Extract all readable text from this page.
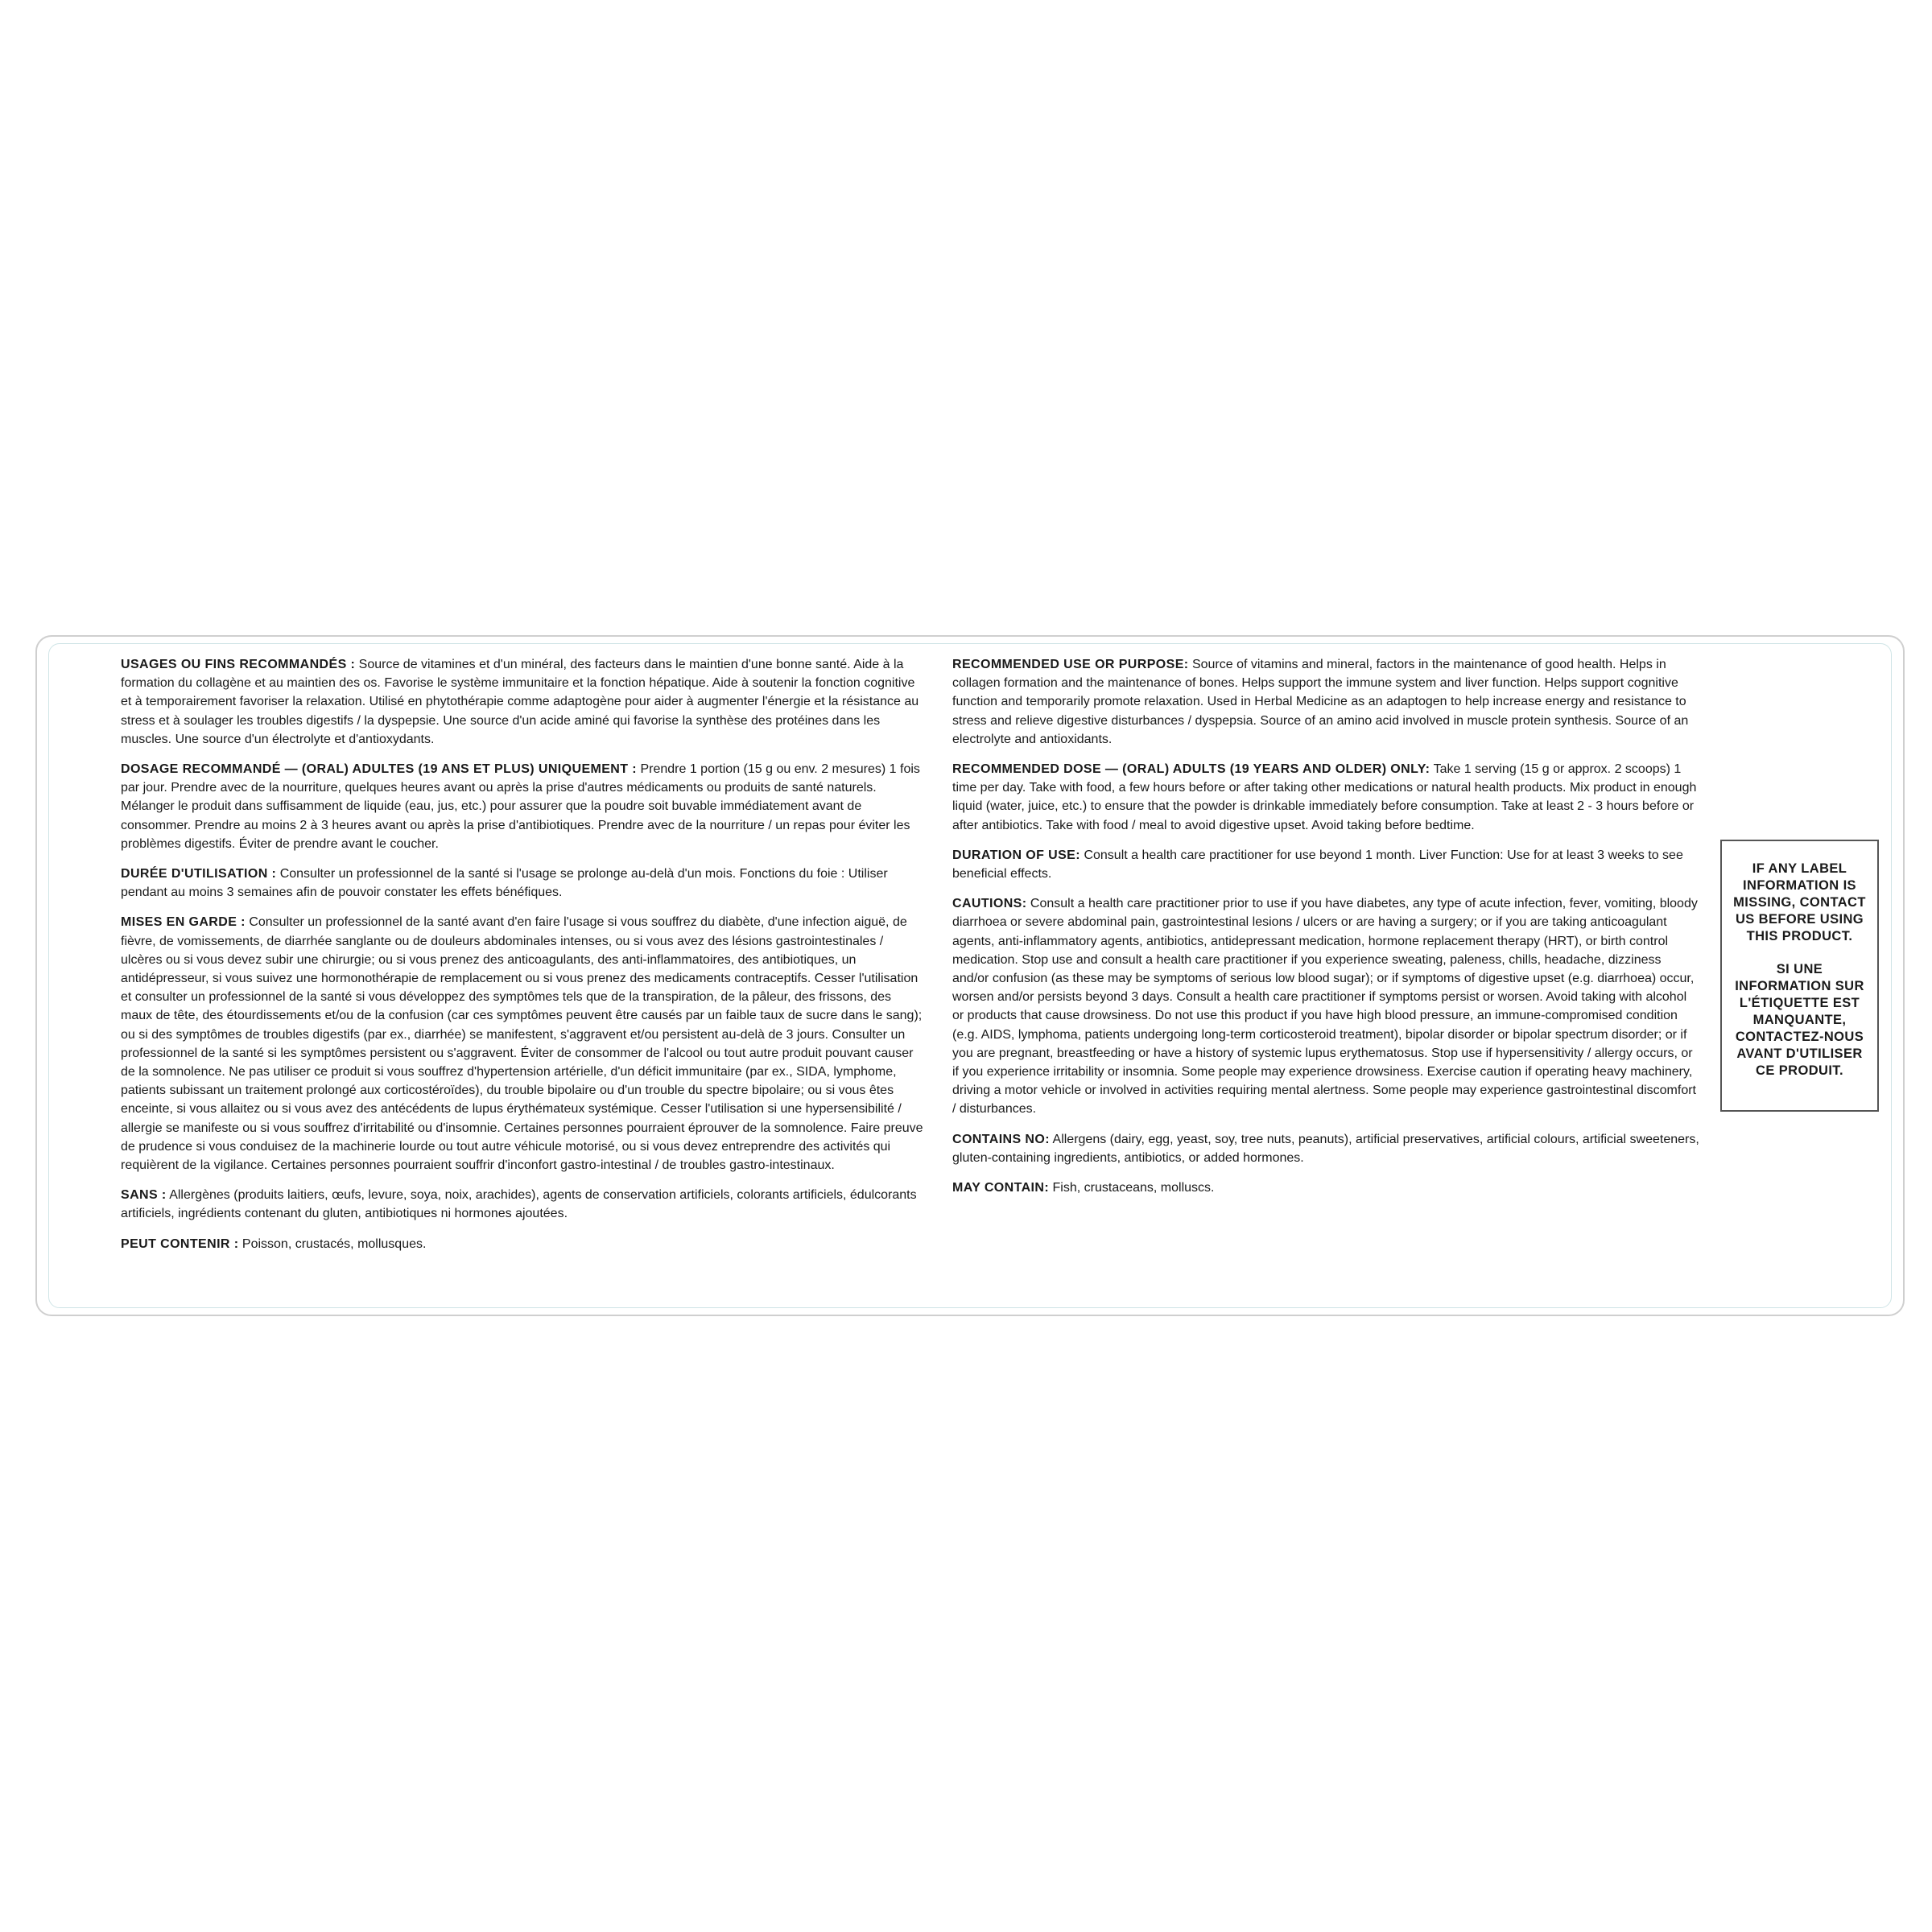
USAGES OU FINS RECOMMANDÉS : Source de vitamines et d'un minéral, des facteurs dans le maintien d'une bonne santé. Aide à la formation du collagène et au maintien des os. Favorise le système immunitaire et la fonction hépatique. Aide à soutenir la fonction cognitive et à temporairement favoriser la relaxation. Utilisé en phytothérapie comme adaptogène pour aider à augmenter l'énergie et la résistance au stress et à soulager les troubles digestifs / la dyspepsie. Une source d'un acide aminé qui favorise la synthèse des protéines dans les muscles. Une source d'un électrolyte et d'antioxydants.

DOSAGE RECOMMANDÉ — (ORAL) ADULTES (19 ANS ET PLUS) UNIQUEMENT : Prendre 1 portion (15 g ou env. 2 mesures) 1 fois par jour. Prendre avec de la nourriture, quelques heures avant ou après la prise d'autres médicaments ou produits de santé naturels. Mélanger le produit dans suffisamment de liquide (eau, jus, etc.) pour assurer que la poudre soit buvable immédiatement avant de consommer. Prendre au moins 2 à 3 heures avant ou après la prise d'antibiotiques. Prendre avec de la nourriture / un repas pour éviter les problèmes digestifs. Éviter de prendre avant le coucher.

DURÉE D'UTILISATION : Consulter un professionnel de la santé si l'usage se prolonge au-delà d'un mois. Fonctions du foie : Utiliser pendant au moins 3 semaines afin de pouvoir constater les effets bénéfiques.

MISES EN GARDE : Consulter un professionnel de la santé avant d'en faire l'usage si vous souffrez du diabète, d'une infection aiguë, de fièvre, de vomissements, de diarrhée sanglante ou de douleurs abdominales intenses, ou si vous avez des lésions gastrointestinales / ulcères ou si vous devez subir une chirurgie; ou si vous prenez des anticoagulants, des anti-inflammatoires, des antibiotiques, un antidépresseur, si vous suivez une hormonothérapie de remplacement ou si vous prenez des medicaments contraceptifs. Cesser l'utilisation et consulter un professionnel de la santé si vous développez des symptômes tels que de la transpiration, de la pâleur, des frissons, des maux de tête, des étourdissements et/ou de la confusion (car ces symptômes peuvent être causés par un faible taux de sucre dans le sang); ou si des symptômes de troubles digestifs (par ex., diarrhée) se manifestent, s'aggravent et/ou persistent au-delà de 3 jours. Consulter un professionnel de la santé si les symptômes persistent ou s'aggravent. Éviter de consommer de l'alcool ou tout autre produit pouvant causer de la somnolence. Ne pas utiliser ce produit si vous souffrez d'hypertension artérielle, d'un déficit immunitaire (par ex., SIDA, lymphome, patients subissant un traitement prolongé aux corticostéroïdes), du trouble bipolaire ou d'un trouble du spectre bipolaire; ou si vous êtes enceinte, si vous allaitez ou si vous avez des antécédents de lupus érythémateux systémique. Cesser l'utilisation si une hypersensibilité / allergie se manifeste ou si vous souffrez d'irritabilité ou d'insomnie. Certaines personnes pourraient éprouver de la somnolence. Faire preuve de prudence si vous conduisez de la machinerie lourde ou tout autre véhicule motorisé, ou si vous devez entreprendre des activités qui requièrent de la vigilance. Certaines personnes pourraient souffrir d'inconfort gastro-intestinal / de troubles gastro-intestinaux.

SANS : Allergènes (produits laitiers, œufs, levure, soya, noix, arachides), agents de conservation artificiels, colorants artificiels, édulcorants artificiels, ingrédients contenant du gluten, antibiotiques ni hormones ajoutées.

PEUT CONTENIR : Poisson, crustacés, mollusques.

RECOMMENDED USE OR PURPOSE: Source of vitamins and mineral, factors in the maintenance of good health. Helps in collagen formation and the maintenance of bones. Helps support the immune system and liver function. Helps support cognitive function and temporarily promote relaxation. Used in Herbal Medicine as an adaptogen to help increase energy and resistance to stress and relieve digestive disturbances / dyspepsia. Source of an amino acid involved in muscle protein synthesis. Source of an electrolyte and antioxidants.

RECOMMENDED DOSE — (ORAL) ADULTS (19 YEARS AND OLDER) ONLY: Take 1 serving (15 g or approx. 2 scoops) 1 time per day. Take with food, a few hours before or after taking other medications or natural health products. Mix product in enough liquid (water, juice, etc.) to ensure that the powder is drinkable immediately before consumption. Take at least 2 - 3 hours before or after antibiotics. Take with food / meal to avoid digestive upset. Avoid taking before bedtime.

DURATION OF USE: Consult a health care practitioner for use beyond 1 month. Liver Function: Use for at least 3 weeks to see beneficial effects.

CAUTIONS: Consult a health care practitioner prior to use if you have diabetes, any type of acute infection, fever, vomiting, bloody diarrhoea or severe abdominal pain, gastrointestinal lesions / ulcers or are having a surgery; or if you are taking anticoagulant agents, anti-inflammatory agents, antibiotics, antidepressant medication, hormone replacement therapy (HRT), or birth control medication. Stop use and consult a health care practitioner if you experience sweating, paleness, chills, headache, dizziness and/or confusion (as these may be symptoms of serious low blood sugar); or if symptoms of digestive upset (e.g. diarrhoea) occur, worsen and/or persists beyond 3 days. Consult a health care practitioner if symptoms persist or worsen. Avoid taking with alcohol or products that cause drowsiness. Do not use this product if you have high blood pressure, an immune-compromised condition (e.g. AIDS, lymphoma, patients undergoing long-term corticosteroid treatment), bipolar disorder or bipolar spectrum disorder; or if you are pregnant, breastfeeding or have a history of systemic lupus erythematosus. Stop use if hypersensitivity / allergy occurs, or if you experience irritability or insomnia. Some people may experience drowsiness. Exercise caution if operating heavy machinery, driving a motor vehicle or involved in activities requiring mental alertness. Some people may experience gastrointestinal discomfort / disturbances.

CONTAINS NO: Allergens (dairy, egg, yeast, soy, tree nuts, peanuts), artificial preservatives, artificial colours, artificial sweeteners, gluten-containing ingredients, antibiotics, or added hormones.

MAY CONTAIN: Fish, crustaceans, molluscs.

IF ANY LABEL INFORMATION IS MISSING, CONTACT US BEFORE USING THIS PRODUCT.

SI UNE INFORMATION SUR L'ÉTIQUETTE EST MANQUANTE, CONTACTEZ-NOUS AVANT D'UTILISER CE PRODUIT.
